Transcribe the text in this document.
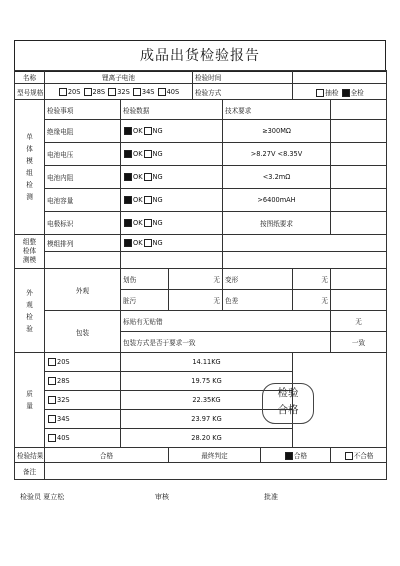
成品出货检验报告
名称	锂离子电池			检验时间				
型号规格	20S 28S 32S 34S 40S			检验方式			抽检 全检	
单体模组检测	检验事项	检验数据			技术要求			
	绝缘电阻	OK NG			≥300MΩ			
	电池电压	OK NG			>8.27V <8.35V			
	电池内阻	OK NG			<3.2mΩ			
	电池容量	OK NG			>6400mAH			
	电极标识	OK NG			按图纸要求			
组整检体测模	模组排列	OK NG						

外观检验	外观	划伤	无		变形		无	
		脏污	无		色差		无	
	包装	标贴有无贴错						无
		包装方式是否于要求一致						一致
质量	20S	14.11KG						
	28S	19.75 KG						
	32S	22.35KG						
	34S	23.97 KG						
	40S	28.20 KG						
检验结果	合格		最终判定			合格		不合格
备注								
检验
合格
检验员 夏立松	审核	批准
